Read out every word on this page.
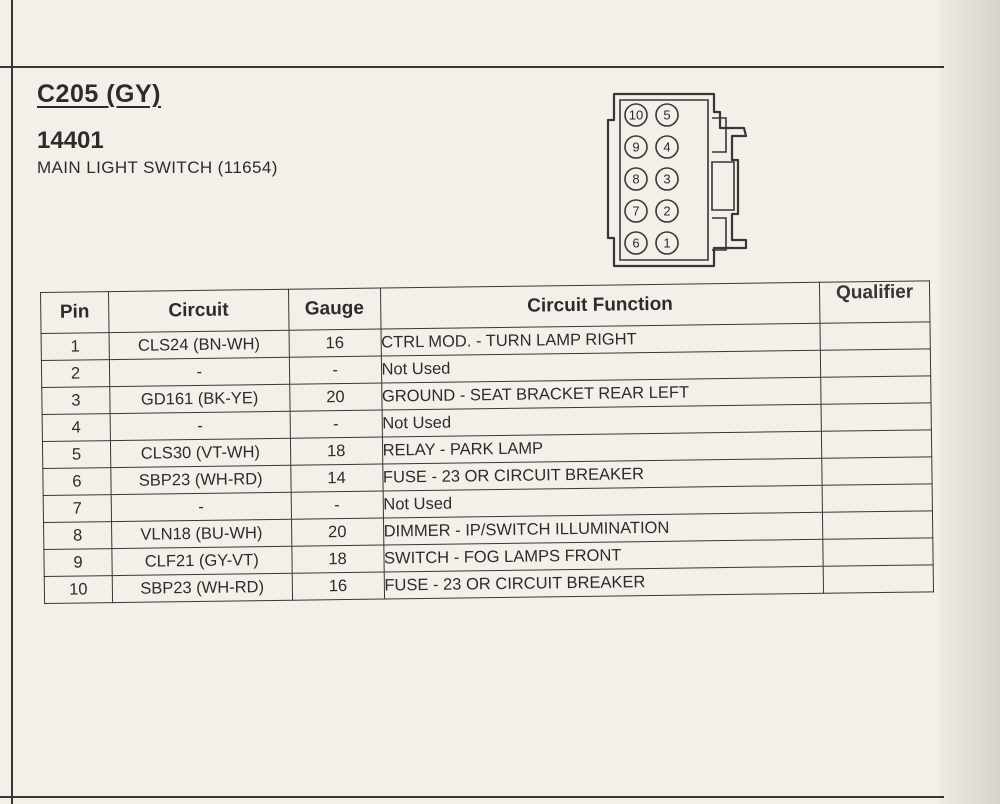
C205 (GY)
14401
MAIN LIGHT SWITCH (11654)
10 5
9 4
8 3
7 2
6 1
Pin	Circuit	Gauge	Circuit Function	Qualifier
1	CLS24 (BN-WH)	16	CTRL MOD. - TURN LAMP RIGHT	
2	-	-	Not Used	
3	GD161 (BK-YE)	20	GROUND - SEAT BRACKET REAR LEFT	
4	-	-	Not Used	
5	CLS30 (VT-WH)	18	RELAY - PARK LAMP	
6	SBP23 (WH-RD)	14	FUSE - 23 OR CIRCUIT BREAKER	
7	-	-	Not Used	
8	VLN18 (BU-WH)	20	DIMMER - IP/SWITCH ILLUMINATION	
9	CLF21 (GY-VT)	18	SWITCH - FOG LAMPS FRONT	
10	SBP23 (WH-RD)	16	FUSE - 23 OR CIRCUIT BREAKER	
